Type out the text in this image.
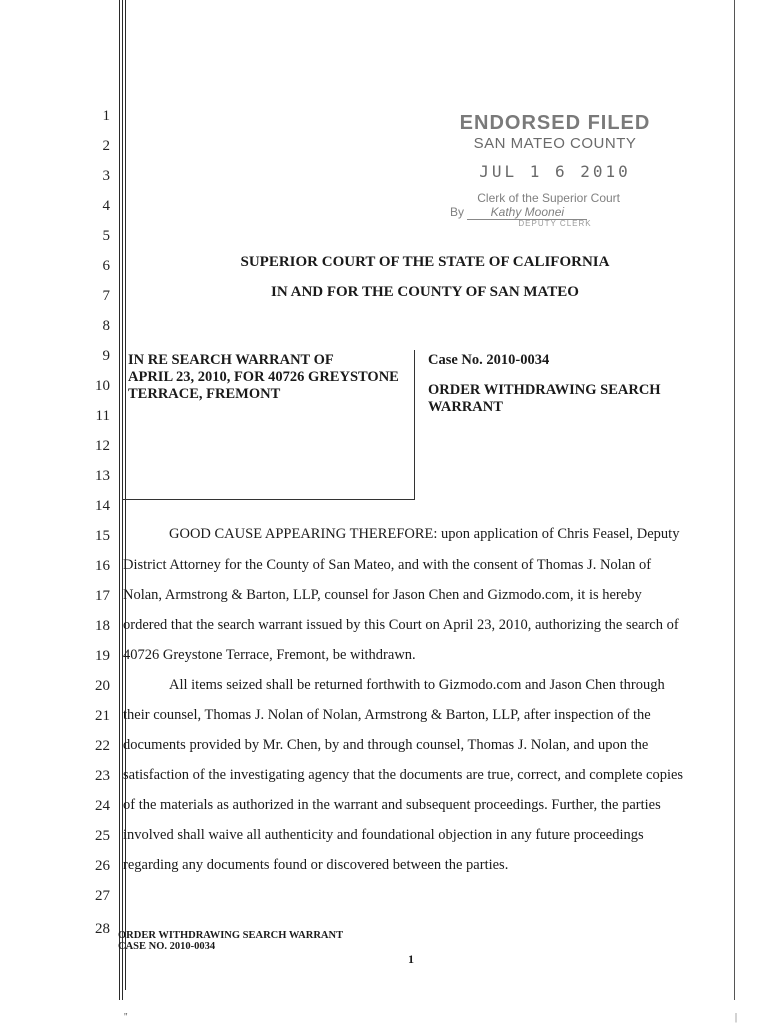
1
2
3
4
5
6
7
8
9
10
11
12
13
14
15
16
17
18
19
20
21
22
23
24
25
26
27
28
ENDORSED FILED
SAN MATEO COUNTY
JUL 1 6 2010
Clerk of the Superior Court
By Kathy Moonei
DEPUTY CLERK
SUPERIOR COURT OF THE STATE OF CALIFORNIA
IN AND FOR THE COUNTY OF SAN MATEO
IN RE SEARCH WARRANT OF
APRIL 23, 2010, FOR 40726 GREYSTONE
TERRACE, FREMONT
Case No. 2010-0034
ORDER WITHDRAWING SEARCH
WARRANT
GOOD CAUSE APPEARING THEREFORE: upon application of Chris Feasel, Deputy
District Attorney for the County of San Mateo, and with the consent of Thomas J. Nolan of
Nolan, Armstrong & Barton, LLP, counsel for Jason Chen and Gizmodo.com, it is hereby
ordered that the search warrant issued by this Court on April 23, 2010, authorizing the search of
40726 Greystone Terrace, Fremont, be withdrawn.
All items seized shall be returned forthwith to Gizmodo.com and Jason Chen through
their counsel, Thomas J. Nolan of Nolan, Armstrong & Barton, LLP, after inspection of the
documents provided by Mr. Chen, by and through counsel, Thomas J. Nolan, and upon the
satisfaction of the investigating agency that the documents are true, correct, and complete copies
of the materials as authorized in the warrant and subsequent proceedings. Further, the parties
involved shall waive all authenticity and foundational objection in any future proceedings
regarding any documents found or discovered between the parties.
ORDER WITHDRAWING SEARCH WARRANT
CASE NO. 2010-0034
1
''	|
